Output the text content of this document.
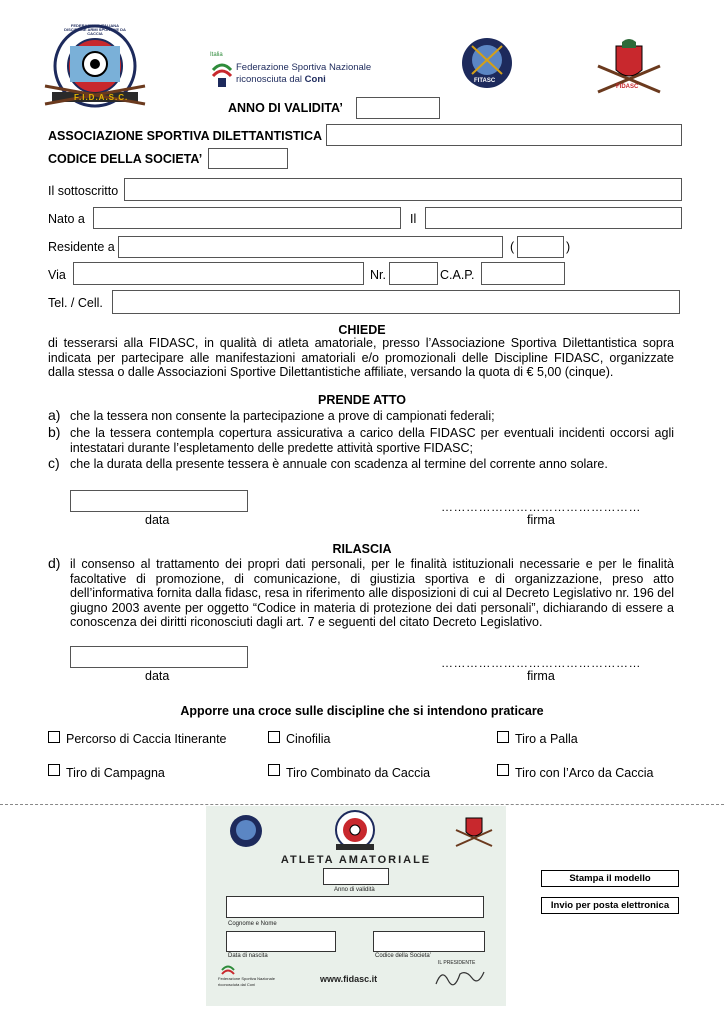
F.I.D.A.S.C.
FEDERAZIONE ITALIANA DISCIPLINE ARMI SPORTIVE DA CACCIA
Italia
Federazione Sportiva Nazionale
riconosciuta dal Coni	FITASC
FIDASC
ANNO DI VALIDITA’
ASSOCIAZIONE SPORTIVA DILETTANTISTICA
CODICE DELLA SOCIETA’
Il sottoscritto
Nato a	Il
Residente a	(	)
Via	Nr.	C.A.P.
Tel. / Cell.
CHIEDE
di tesserarsi alla FIDASC, in qualità di atleta amatoriale, presso l’Associazione Sportiva Dilettantistica sopra indicata per partecipare alle manifestazioni amatoriali e/o promozionali delle Discipline FIDASC, organizzate dalla stessa o dalle Associazioni Sportive Dilettantistiche affiliate, versando la quota di € 5,00 (cinque).
PRENDE ATTO
a) che la tessera non consente la partecipazione a prove di campionati federali;
b) che la tessera contempla copertura assicurativa a carico della FIDASC per eventuali incidenti occorsi agli intestatari durante l’espletamento delle predette attività sportive FIDASC;
c) che la durata della presente tessera è annuale con scadenza al termine del corrente anno solare.
data
…………………………………………
firma
RILASCIA
d) il consenso al trattamento dei propri dati personali, per le finalità istituzionali necessarie e per le finalità facoltative di promozione, di comunicazione, di giustizia sportiva e di organizzazione, preso atto dell’informativa fornita dalla fidasc, resa in riferimento alle disposizioni di cui al Decreto Legislativo nr. 196 del giugno 2003 avente per oggetto “Codice in materia di protezione dei dati personali”, dichiarando di essere a conoscenza dei diritti riconosciuti dagli art. 7 e seguenti del citato Decreto Legislativo.
data
…………………………………………
firma
Apporre una croce sulle discipline che si intendono praticare
Percorso di Caccia Itinerante	Cinofilia	Tiro a Palla
Tiro di Campagna	Tiro Combinato da Caccia	Tiro con l’Arco da Caccia
ATLETA AMATORIALE
Anno di validità
Cognome e Nome
Data di nascita	Codice della Societa’
Federazione Sportiva Nazionale
riconosciuta dal Coni
www.fidasc.it
IL PRESIDENTE
Stampa il modello
Invio per posta elettronica
